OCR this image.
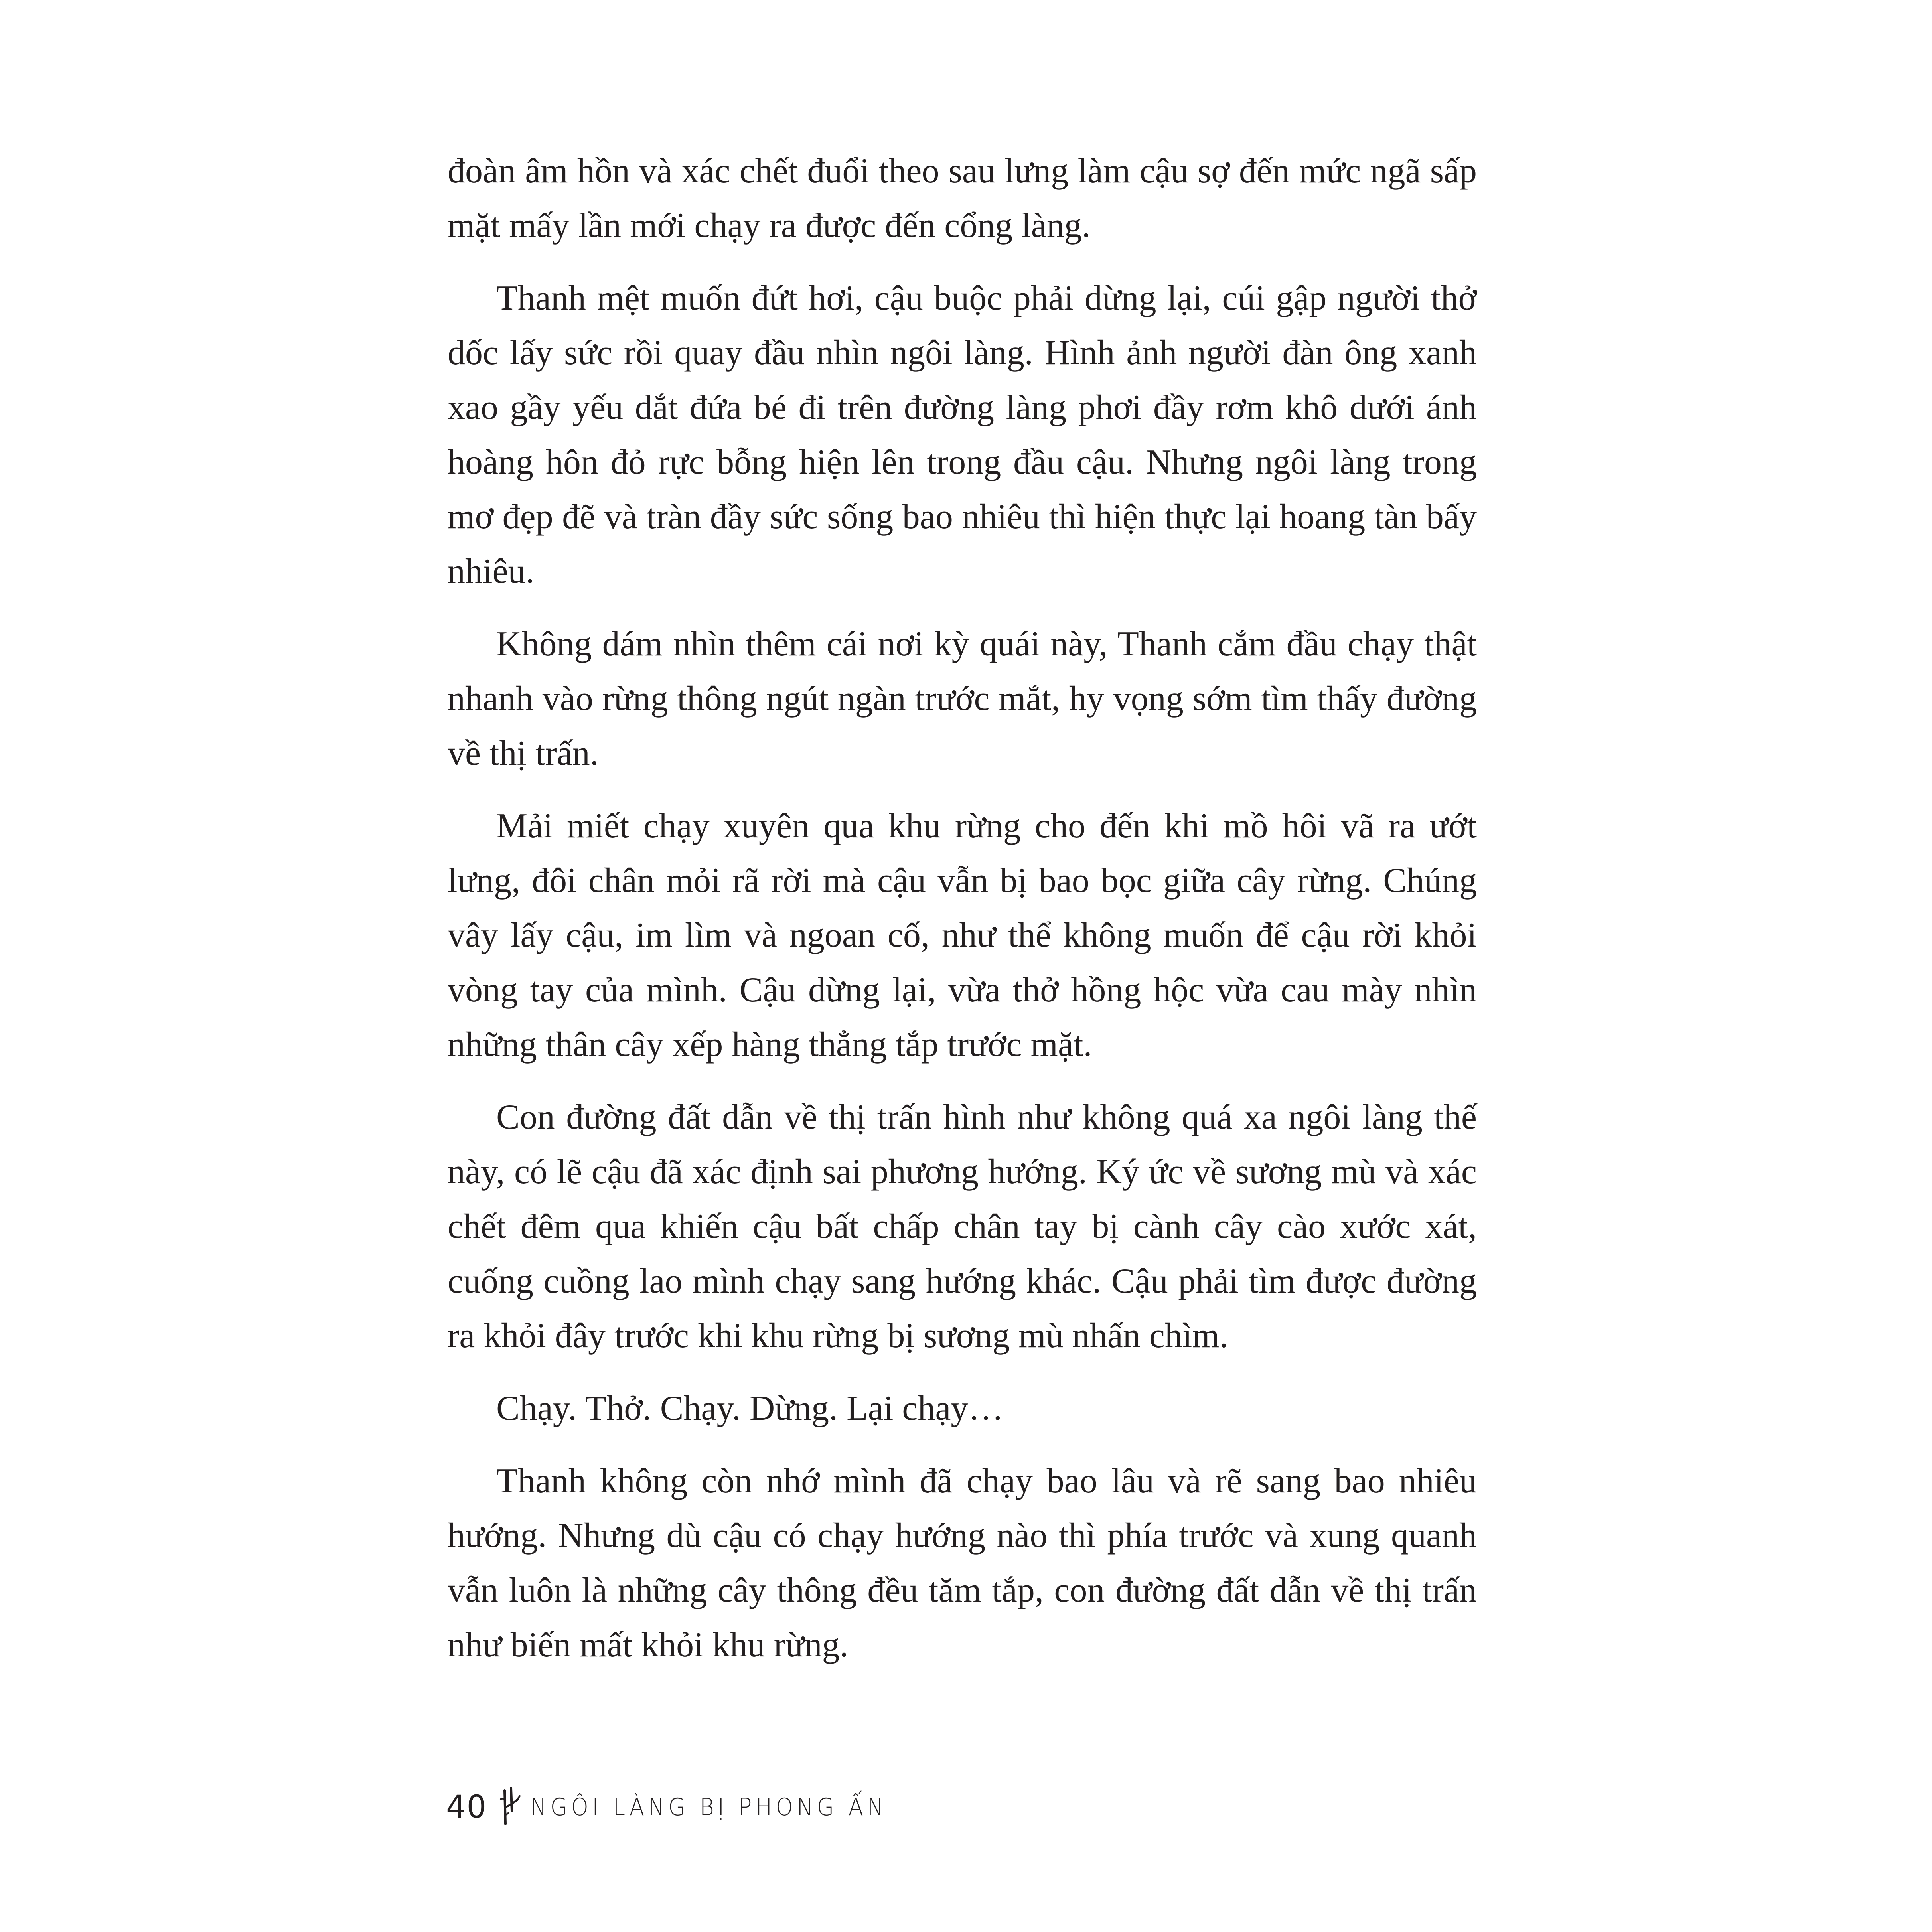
đoàn âm hồn và xác chết đuổi theo sau lưng làm cậu sợ đến mức ngã sấp mặt mấy lần mới chạy ra được đến cổng làng.

Thanh mệt muốn đứt hơi, cậu buộc phải dừng lại, cúi gập người thở dốc lấy sức rồi quay đầu nhìn ngôi làng. Hình ảnh người đàn ông xanh xao gầy yếu dắt đứa bé đi trên đường làng phơi đầy rơm khô dưới ánh hoàng hôn đỏ rực bỗng hiện lên trong đầu cậu. Nhưng ngôi làng trong mơ đẹp đẽ và tràn đầy sức sống bao nhiêu thì hiện thực lại hoang tàn bấy nhiêu.

Không dám nhìn thêm cái nơi kỳ quái này, Thanh cắm đầu chạy thật nhanh vào rừng thông ngút ngàn trước mắt, hy vọng sớm tìm thấy đường về thị trấn.

Mải miết chạy xuyên qua khu rừng cho đến khi mồ hôi vã ra ướt lưng, đôi chân mỏi rã rời mà cậu vẫn bị bao bọc giữa cây rừng. Chúng vây lấy cậu, im lìm và ngoan cố, như thể không muốn để cậu rời khỏi vòng tay của mình. Cậu dừng lại, vừa thở hồng hộc vừa cau mày nhìn những thân cây xếp hàng thẳng tắp trước mặt.

Con đường đất dẫn về thị trấn hình như không quá xa ngôi làng thế này, có lẽ cậu đã xác định sai phương hướng. Ký ức về sương mù và xác chết đêm qua khiến cậu bất chấp chân tay bị cành cây cào xước xát, cuống cuồng lao mình chạy sang hướng khác. Cậu phải tìm được đường ra khỏi đây trước khi khu rừng bị sương mù nhấn chìm.

Chạy. Thở. Chạy. Dừng. Lại chạy…

Thanh không còn nhớ mình đã chạy bao lâu và rẽ sang bao nhiêu hướng. Nhưng dù cậu có chạy hướng nào thì phía trước và xung quanh vẫn luôn là những cây thông đều tăm tắp, con đường đất dẫn về thị trấn như biến mất khỏi khu rừng.

40 NGÔI LÀNG BỊ PHONG ẤN
